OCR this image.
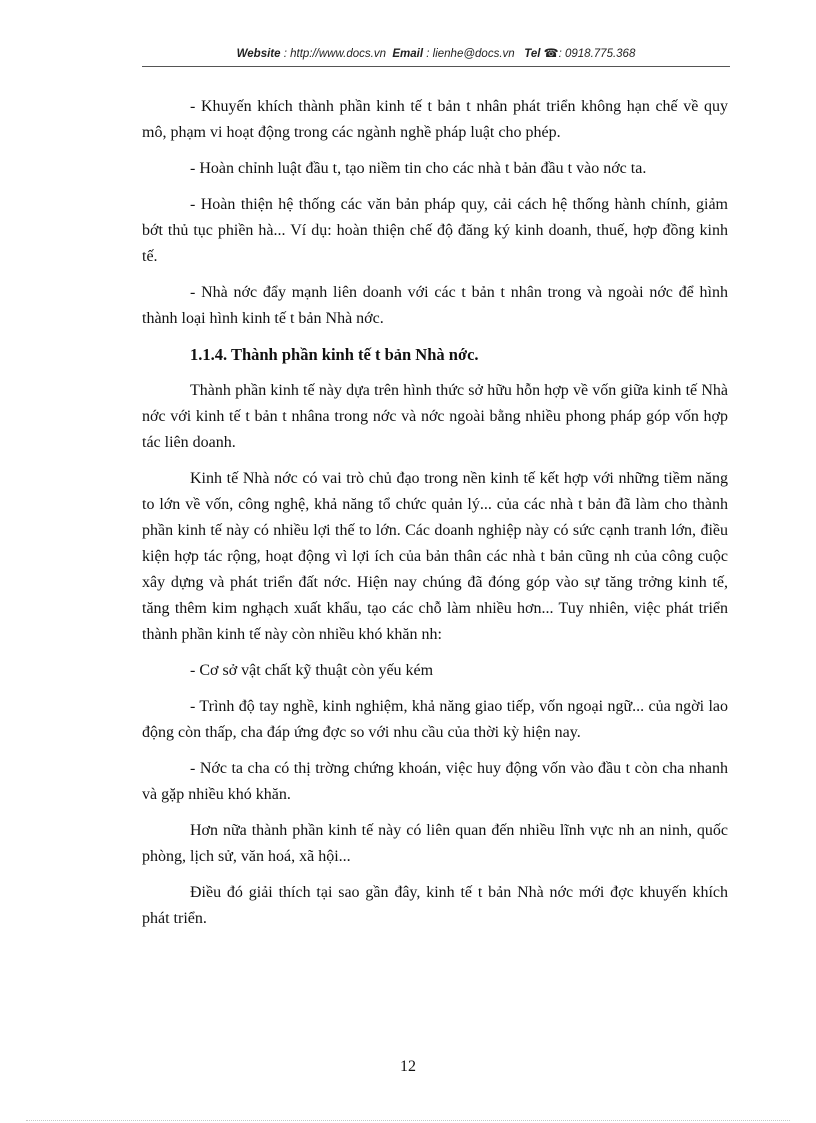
Website : http://www.docs.vn Email : lienhe@docs.vn Tel ☎: 0918.775.368

- Khuyến khích thành phần kinh tế t bản t nhân phát triển không hạn chế về quy mô, phạm vi hoạt động trong các ngành nghề pháp luật cho phép.

- Hoàn chỉnh luật đầu t, tạo niềm tin cho các nhà t bản đầu t vào nớc ta.

- Hoàn thiện hệ thống các văn bản pháp quy, cải cách hệ thống hành chính, giảm bớt thủ tục phiền hà... Ví dụ: hoàn thiện chế độ đăng ký kinh doanh, thuế, hợp đồng kinh tế.

- Nhà nớc đẩy mạnh liên doanh với các t bản t nhân trong và ngoài nớc để hình thành loại hình kinh tế t bản Nhà nớc.

1.1.4. Thành phần kinh tế t bản Nhà nớc.

Thành phần kinh tế này dựa trên hình thức sở hữu hỗn hợp về vốn giữa kinh tế Nhà nớc với kinh tế t bản t nhâna trong nớc và nớc ngoài bằng nhiều phong pháp góp vốn hợp tác liên doanh.

Kinh tế Nhà nớc có vai trò chủ đạo trong nền kinh tế kết hợp với những tiềm năng to lớn về vốn, công nghệ, khả năng tổ chức quản lý... của các nhà t bản đã làm cho thành phần kinh tế này có nhiều lợi thế to lớn. Các doanh nghiệp này có sức cạnh tranh lớn, điều kiện hợp tác rộng, hoạt động vì lợi ích của bản thân các nhà t bản cũng nh của công cuộc xây dựng và phát triển đất nớc. Hiện nay chúng đã đóng góp vào sự tăng trởng kinh tế, tăng thêm kim nghạch xuất khẩu, tạo các chỗ làm nhiều hơn... Tuy nhiên, việc phát triển thành phần kinh tế này còn nhiều khó khăn nh:

- Cơ sở vật chất kỹ thuật còn yếu kém

- Trình độ tay nghề, kinh nghiệm, khả năng giao tiếp, vốn ngoại ngữ... của ngời lao động còn thấp, cha đáp ứng đợc so với nhu cầu của thời kỳ hiện nay.

- Nớc ta cha có thị trờng chứng khoán, việc huy động vốn vào đầu t còn cha nhanh và gặp nhiều khó khăn.

Hơn nữa thành phần kinh tế này có liên quan đến nhiều lĩnh vực nh an ninh, quốc phòng, lịch sử, văn hoá, xã hội...

Điều đó giải thích tại sao gần đây, kinh tế t bản Nhà nớc mới đợc khuyến khích phát triển.

12
